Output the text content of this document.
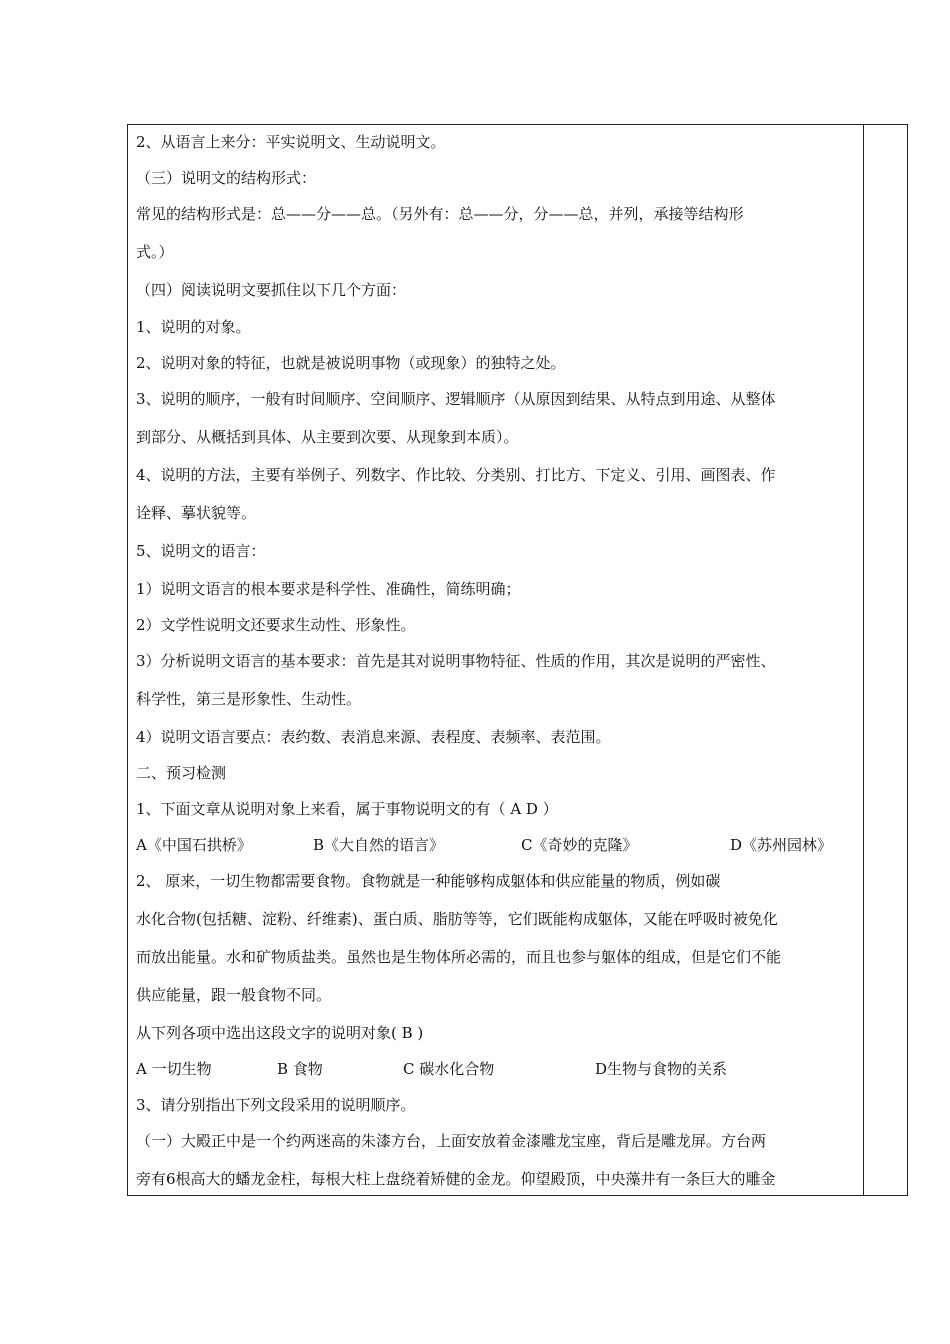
2、从语言上来分：平实说明文、生动说明文。
（三）说明文的结构形式：
常见的结构形式是：总——分——总。（另外有：总——分，分——总，并列，承接等结构形
式。）
（四）阅读说明文要抓住以下几个方面：
1、说明的对象。
2、说明对象的特征，也就是被说明事物（或现象）的独特之处。
3、说明的顺序，一般有时间顺序、空间顺序、逻辑顺序（从原因到结果、从特点到用途、从整体
到部分、从概括到具体、从主要到次要、从现象到本质）。
4、说明的方法，主要有举例子、列数字、作比较、分类别、打比方、下定义、引用、画图表、作
诠释、摹状貌等。
5、说明文的语言：
1）说明文语言的根本要求是科学性、准确性，简练明确；
2）文学性说明文还要求生动性、形象性。
3）分析说明文语言的基本要求：首先是其对说明事物特征、性质的作用，其次是说明的严密性、
科学性，第三是形象性、生动性。
4）说明文语言要点：表约数、表消息来源、表程度、表频率、表范围。
二、预习检测
1、下面文章从说明对象上来看，属于事物说明文的有（ A D ）
A《中国石拱桥》	B《大自然的语言》	C《奇妙的克隆》	D《苏州园林》
2、 原来，一切生物都需要食物。食物就是一种能够构成躯体和供应能量的物质，例如碳
水化合物(包括糖、淀粉、纤维素)、蛋白质、脂肪等等，它们既能构成躯体，又能在呼吸时被免化
而放出能量。水和矿物质盐类。虽然也是生物体所必需的，而且也参与躯体的组成，但是它们不能
供应能量，跟一般食物不同。
从下列各项中选出这段文字的说明对象( B )
A 一切生物	B 食物	C 碳水化合物	D生物与食物的关系
3、请分别指出下列文段采用的说明顺序。
（一）大殿正中是一个约两迷高的朱漆方台，上面安放着金漆雕龙宝座，背后是雕龙屏。方台两
旁有6根高大的蟠龙金柱，每根大柱上盘绕着矫健的金龙。仰望殿顶，中央藻井有一条巨大的雕金
